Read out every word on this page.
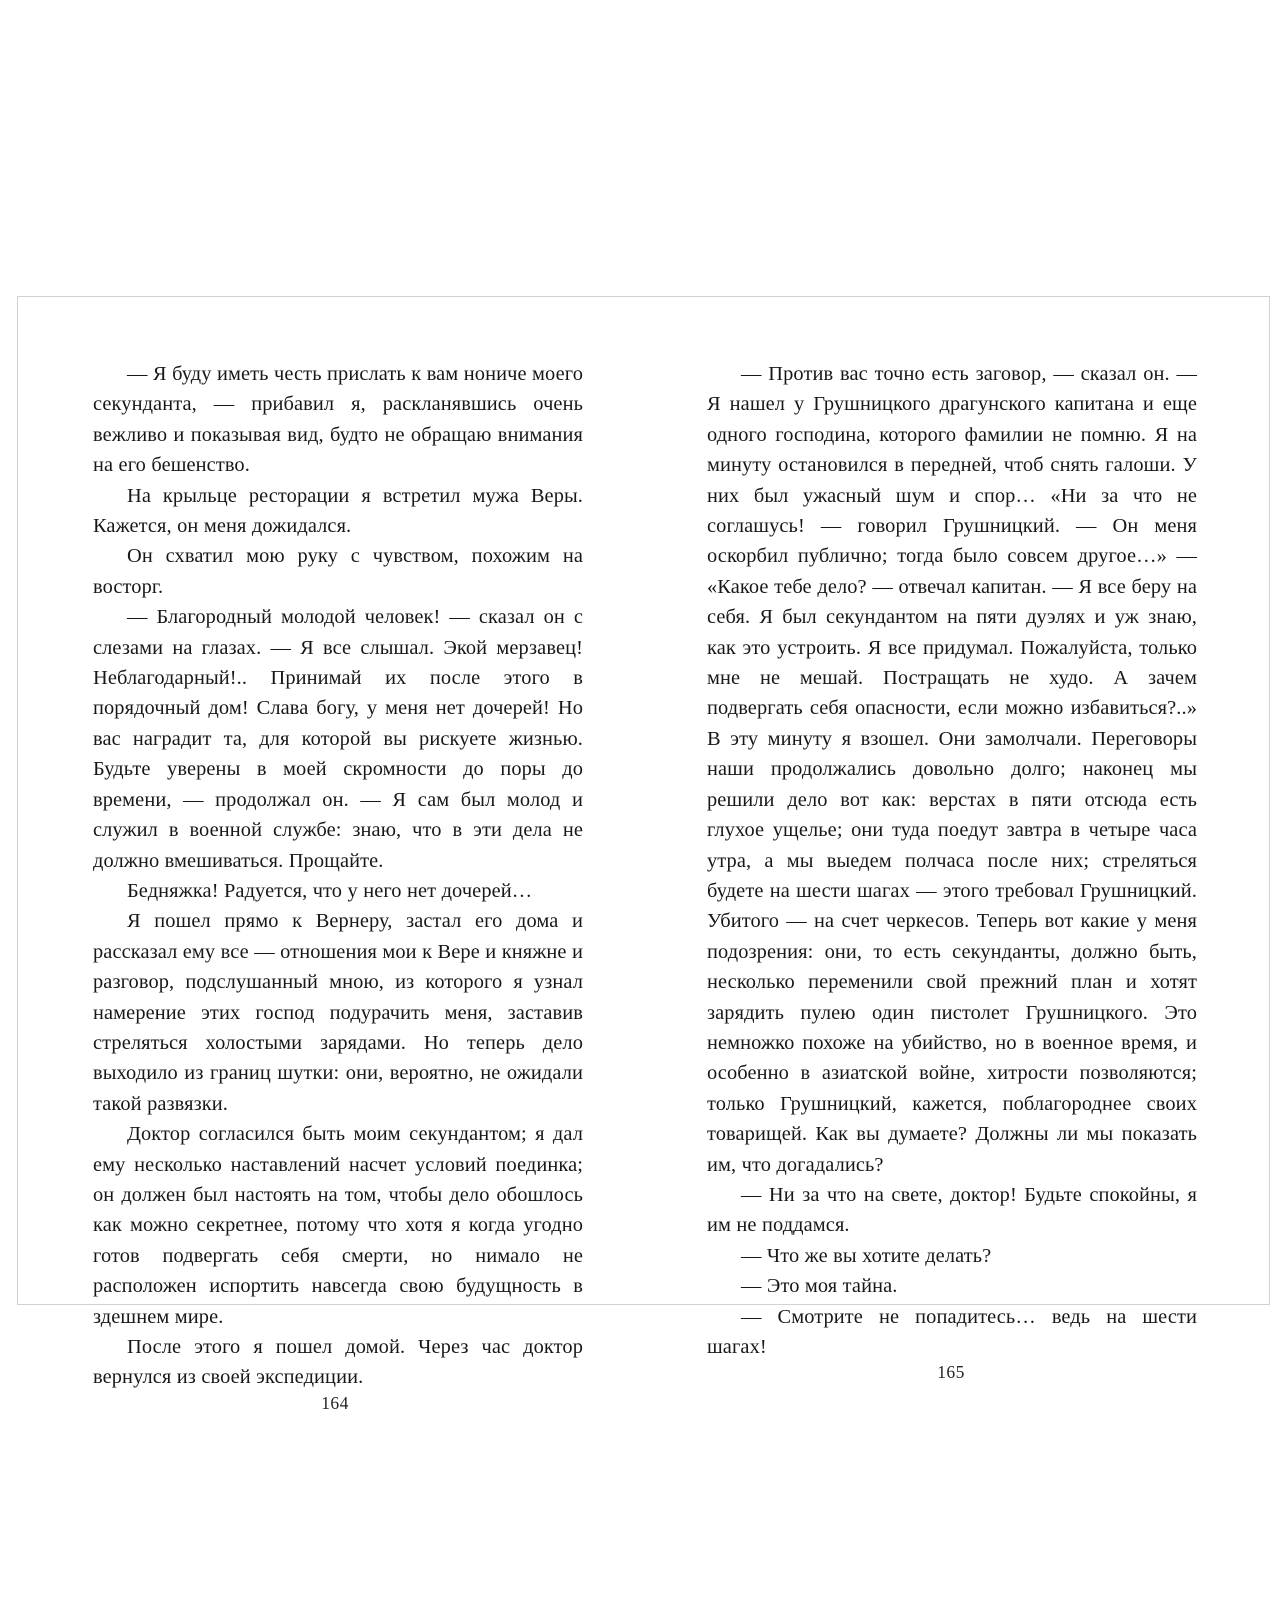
— Я буду иметь честь прислать к вам нониче моего секунданта, — прибавил я, раскланявшись очень вежливо и показывая вид, будто не обращаю внимания на его бешенство.

На крыльце ресторации я встретил мужа Веры. Кажется, он меня дожидался.

Он схватил мою руку с чувством, похожим на восторг.

— Благородный молодой человек! — сказал он с слезами на глазах. — Я все слышал. Экой мерзавец! Неблагодарный!.. Принимай их после этого в порядочный дом! Слава богу, у меня нет дочерей! Но вас наградит та, для которой вы рискуете жизнью. Будьте уверены в моей скромности до поры до времени, — продолжал он. — Я сам был молод и служил в военной службе: знаю, что в эти дела не должно вмешиваться. Прощайте.

Бедняжка! Радуется, что у него нет дочерей…

Я пошел прямо к Вернеру, застал его дома и рассказал ему все — отношения мои к Вере и княжне и разговор, подслушанный мною, из которого я узнал намерение этих господ подурачить меня, заставив стреляться холостыми зарядами. Но теперь дело выходило из границ шутки: они, вероятно, не ожидали такой развязки.

Доктор согласился быть моим секундантом; я дал ему несколько наставлений насчет условий поединка; он должен был настоять на том, чтобы дело обошлось как можно секретнее, потому что хотя я когда угодно готов подвергать себя смерти, но нимало не расположен испортить навсегда свою будущность в здешнем мире.

После этого я пошел домой. Через час доктор вернулся из своей экспедиции.

164

— Против вас точно есть заговор, — сказал он. — Я нашел у Грушницкого драгунского капитана и еще одного господина, которого фамилии не помню. Я на минуту остановился в передней, чтоб снять галоши. У них был ужасный шум и спор… «Ни за что не соглашусь! — говорил Грушницкий. — Он меня оскорбил публично; тогда было совсем другое…» — «Какое тебе дело? — отвечал капитан. — Я все беру на себя. Я был секундантом на пяти дуэлях и уж знаю, как это устроить. Я все придумал. Пожалуйста, только мне не мешай. Постращать не худо. А зачем подвергать себя опасности, если можно избавиться?..» В эту минуту я взошел. Они замолчали. Переговоры наши продолжались довольно долго; наконец мы решили дело вот как: верстах в пяти отсюда есть глухое ущелье; они туда поедут завтра в четыре часа утра, а мы выедем полчаса после них; стреляться будете на шести шагах — этого требовал Грушницкий. Убитого — на счет черкесов. Теперь вот какие у меня подозрения: они, то есть секунданты, должно быть, несколько переменили свой прежний план и хотят зарядить пулею один пистолет Грушницкого. Это немножко похоже на убийство, но в военное время, и особенно в азиатской войне, хитрости позволяются; только Грушницкий, кажется, поблагороднее своих товарищей. Как вы думаете? Должны ли мы показать им, что догадались?

— Ни за что на свете, доктор! Будьте спокойны, я им не поддамся.

— Что же вы хотите делать?

— Это моя тайна.

— Смотрите не попадитесь… ведь на шести шагах!

165
